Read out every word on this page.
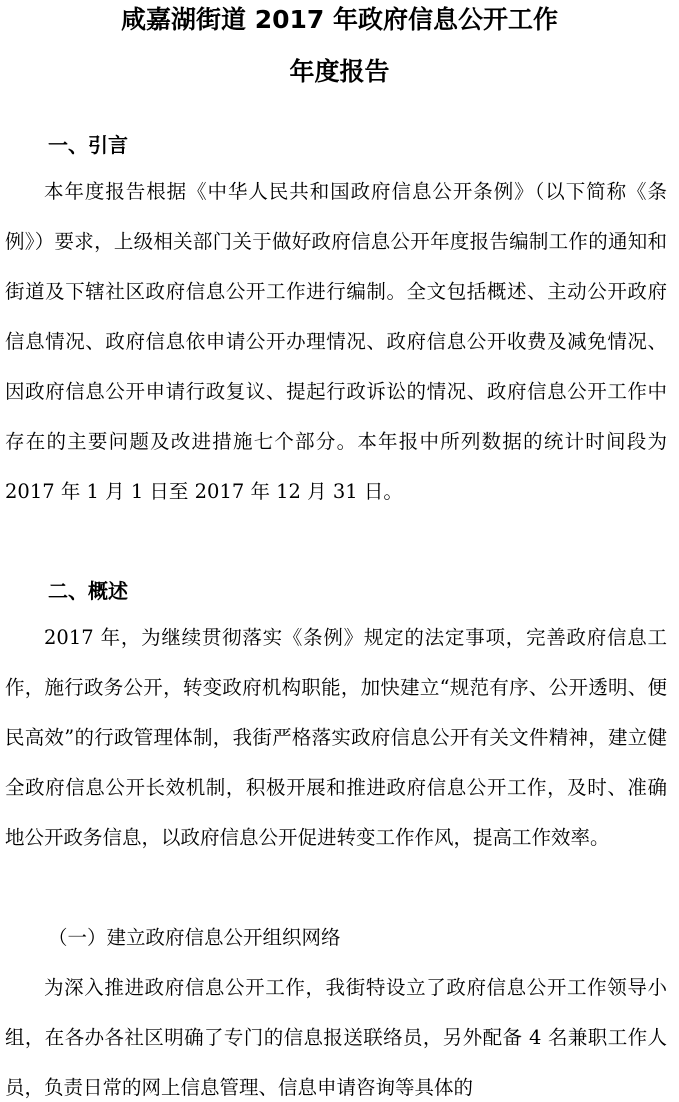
咸嘉湖街道 2017 年政府信息公开工作
年度报告
一、引言

本年度报告根据《中华人民共和国政府信息公开条例》（以下简称《条例》）要求，上级相关部门关于做好政府信息公开年度报告编制工作的通知和街道及下辖社区政府信息公开工作进行编制。全文包括概述、主动公开政府信息情况、政府信息依申请公开办理情况、政府信息公开收费及减免情况、因政府信息公开申请行政复议、提起行政诉讼的情况、政府信息公开工作中存在的主要问题及改进措施七个部分。本年报中所列数据的统计时间段为 2017 年 1 月 1 日至 2017 年 12 月 31 日。

二、概述

2017 年，为继续贯彻落实《条例》规定的法定事项，完善政府信息工作，施行政务公开，转变政府机构职能，加快建立“规范有序、公开透明、便民高效”的行政管理体制，我街严格落实政府信息公开有关文件精神，建立健全政府信息公开长效机制，积极开展和推进政府信息公开工作，及时、准确地公开政务信息，以政府信息公开促进转变工作作风，提高工作效率。

（一）建立政府信息公开组织网络

为深入推进政府信息公开工作，我街特设立了政府信息公开工作领导小组，在各办各社区明确了专门的信息报送联络员，另外配备 4 名兼职工作人员，负责日常的网上信息管理、信息申请咨询等具体的
